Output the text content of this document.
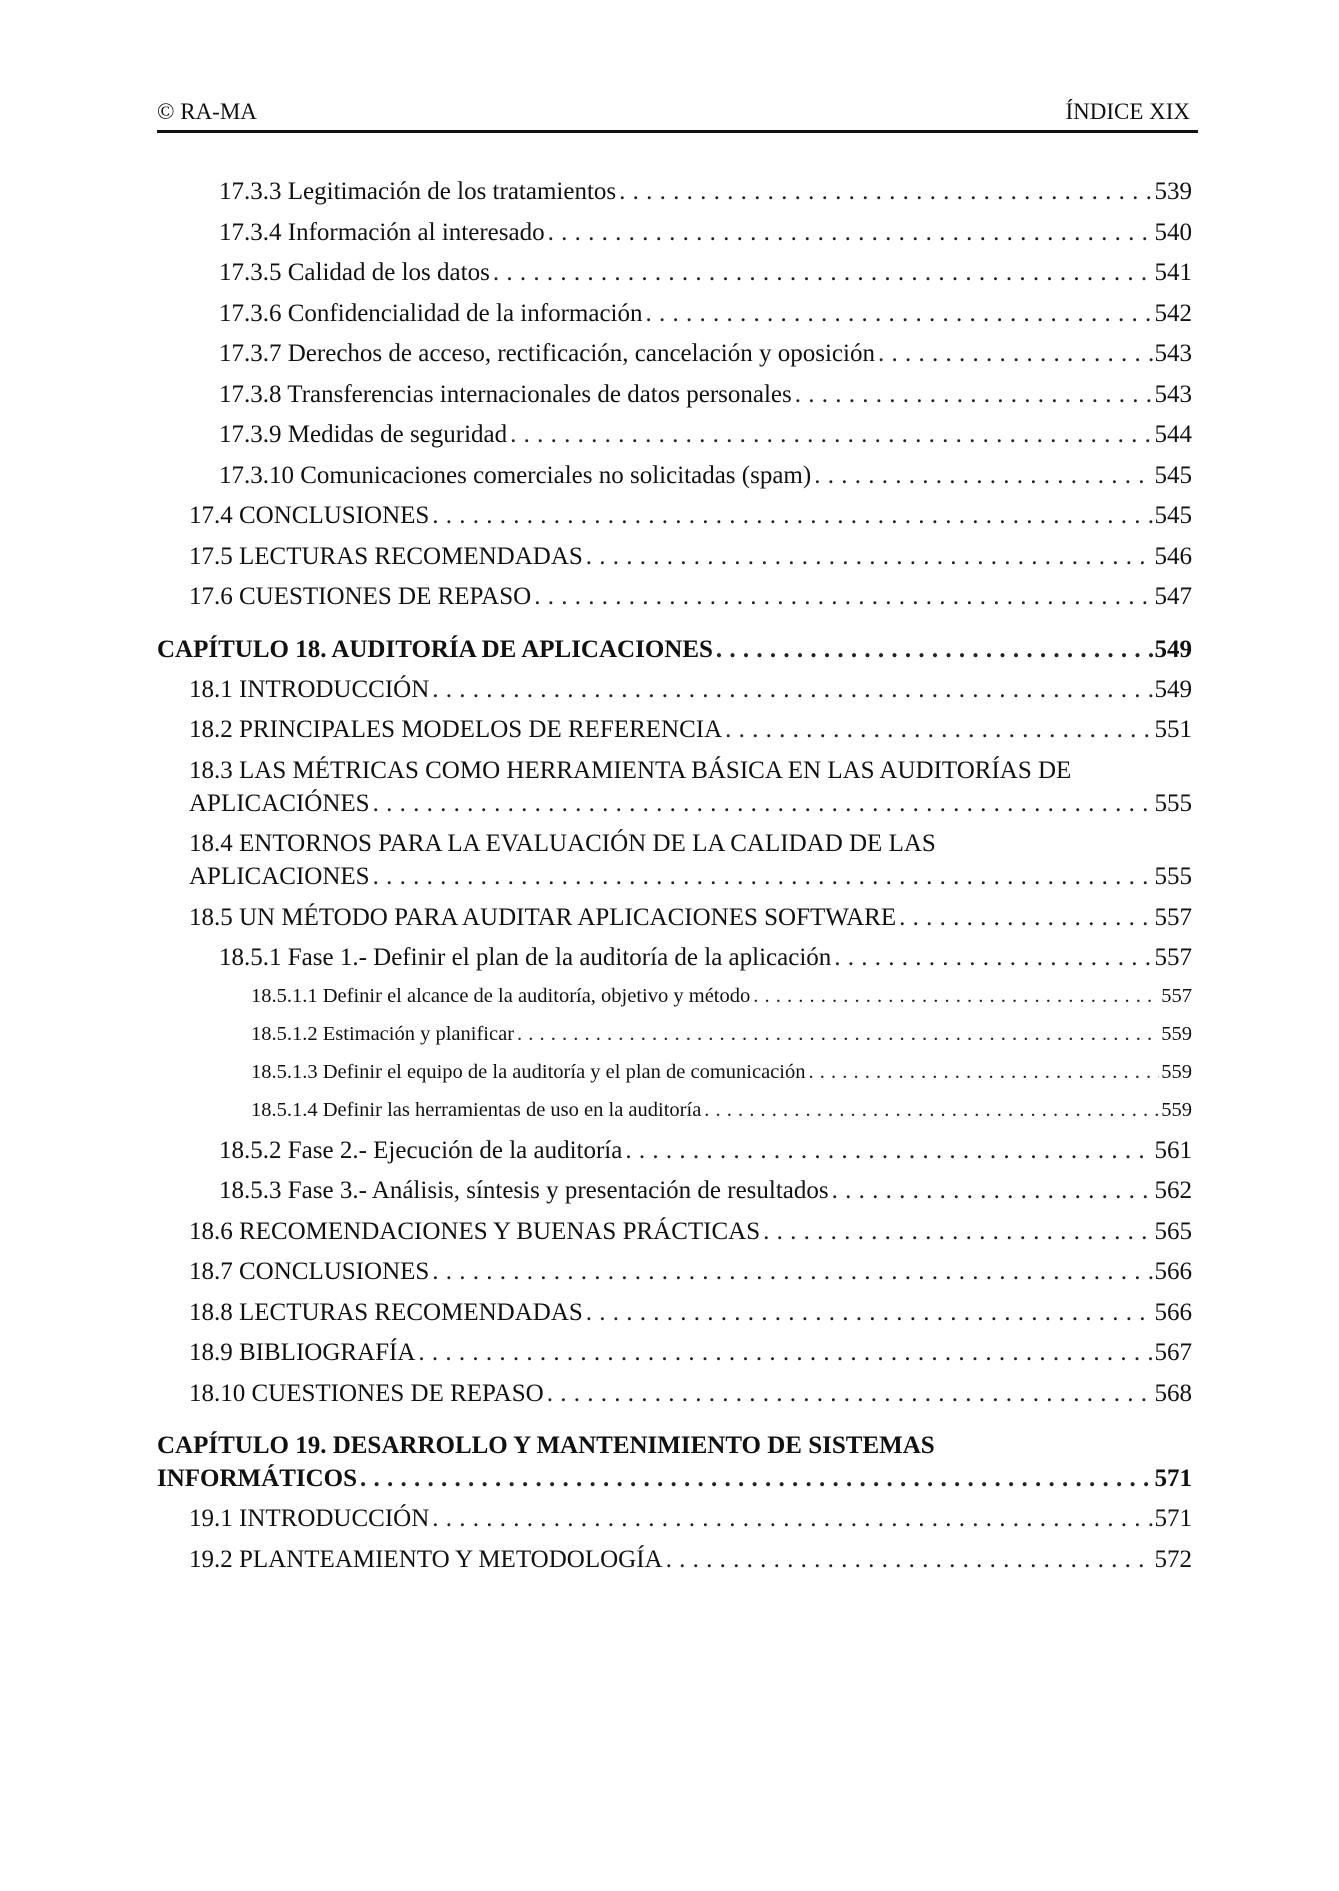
© RA-MA	ÍNDICE XIX
17.3.3 Legitimación de los tratamientos . . .	539
17.3.4 Información al interesado . . .	540
17.3.5 Calidad de los datos . . .	541
17.3.6 Confidencialidad de la información . . .	542
17.3.7 Derechos de acceso, rectificación, cancelación y oposición . . .	543
17.3.8 Transferencias internacionales de datos personales . . .	543
17.3.9 Medidas de seguridad . . .	544
17.3.10 Comunicaciones comerciales no solicitadas (spam) . . .	545
17.4 CONCLUSIONES . . .	545
17.5 LECTURAS RECOMENDADAS . . .	546
17.6 CUESTIONES DE REPASO . . .	547
CAPÍTULO 18. AUDITORÍA DE APLICACIONES . . .	549
18.1 INTRODUCCIÓN . . .	549
18.2 PRINCIPALES MODELOS DE REFERENCIA . . .	551
18.3 LAS MÉTRICAS COMO HERRAMIENTA BÁSICA EN LAS AUDITORÍAS DE
APLICACIÓNES . . .	555
18.4 ENTORNOS PARA LA EVALUACIÓN DE LA CALIDAD DE LAS
APLICACIONES . . .	555
18.5 UN MÉTODO PARA AUDITAR APLICACIONES SOFTWARE . . .	557
18.5.1 Fase 1.- Definir el plan de la auditoría de la aplicación . . .	557
18.5.1.1 Definir el alcance de la auditoría, objetivo y método . . .	557
18.5.1.2 Estimación y planificar . . .	559
18.5.1.3 Definir el equipo de la auditoría y el plan de comunicación . . .	559
18.5.1.4 Definir las herramientas de uso en la auditoría . . .	559
18.5.2 Fase 2.- Ejecución de la auditoría . . .	561
18.5.3 Fase 3.- Análisis, síntesis y presentación de resultados . . .	562
18.6 RECOMENDACIONES Y BUENAS PRÁCTICAS . . .	565
18.7 CONCLUSIONES . . .	566
18.8 LECTURAS RECOMENDADAS . . .	566
18.9 BIBLIOGRAFÍA . . .	567
18.10 CUESTIONES DE REPASO . . .	568
CAPÍTULO 19. DESARROLLO Y MANTENIMIENTO DE SISTEMAS
INFORMÁTICOS . . .	571
19.1 INTRODUCCIÓN . . .	571
19.2 PLANTEAMIENTO Y METODOLOGÍA . . .	572
